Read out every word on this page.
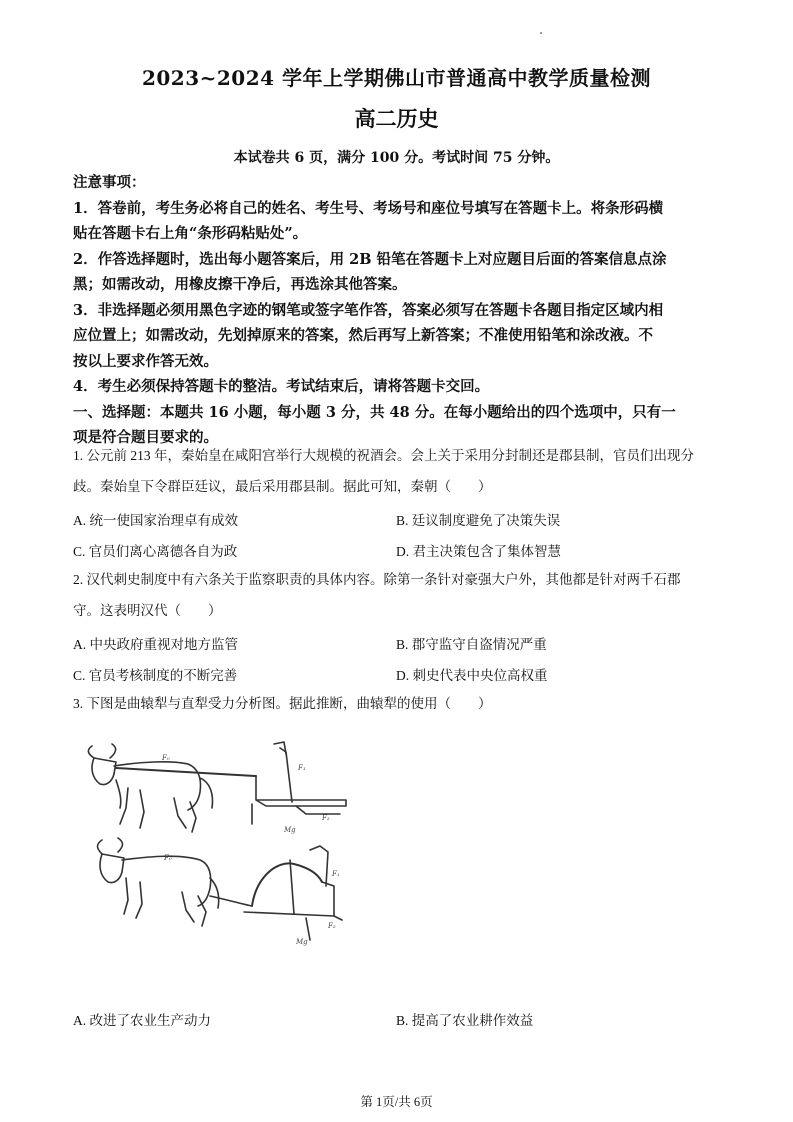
2023~2024 学年上学期佛山市普通高中教学质量检测
高二历史
本试卷共 6 页，满分 100 分。考试时间 75 分钟。
注意事项：
1．答卷前，考生务必将自己的姓名、考生号、考场号和座位号填写在答题卡上。将条形码横
贴在答题卡右上角“条形码粘贴处”。
2．作答选择题时，选出每小题答案后，用 2B 铅笔在答题卡上对应题目后面的答案信息点涂
黑；如需改动，用橡皮擦干净后，再选涂其他答案。
3．非选择题必须用黑色字迹的钢笔或签字笔作答，答案必须写在答题卡各题目指定区域内相
应位置上；如需改动，先划掉原来的答案，然后再写上新答案；不准使用铅笔和涂改液。不
按以上要求作答无效。
4．考生必须保持答题卡的整洁。考试结束后，请将答题卡交回。
一、选择题：本题共 16 小题，每小题 3 分，共 48 分。在每小题给出的四个选项中，只有一
项是符合题目要求的。
1. 公元前 213 年，秦始皇在咸阳宫举行大规模的祝酒会。会上关于采用分封制还是郡县制，官员们出现分
歧。秦始皇下令群臣廷议，最后采用郡县制。据此可知，秦朝（　　）
A. 统一使国家治理卓有成效	B. 廷议制度避免了决策失误
C. 官员们离心离德各自为政	D. 君主决策包含了集体智慧
2. 汉代刺史制度中有六条关于监察职责的具体内容。除第一条针对豪强大户外，其他都是针对两千石郡
守。这表明汉代（　　）
A. 中央政府重视对地方监管	B. 郡守监守自盗情况严重
C. 官员考核制度的不断完善	D. 刺史代表中央位高权重
3. 下图是曲辕犁与直犁受力分析图。据此推断，曲辕犁的使用（　　）
F₀
F₁
F₂
Mg
F₀
F₁
F₂
Mg
A. 改进了农业生产动力	B. 提高了农业耕作效益
第 1页/共 6页
